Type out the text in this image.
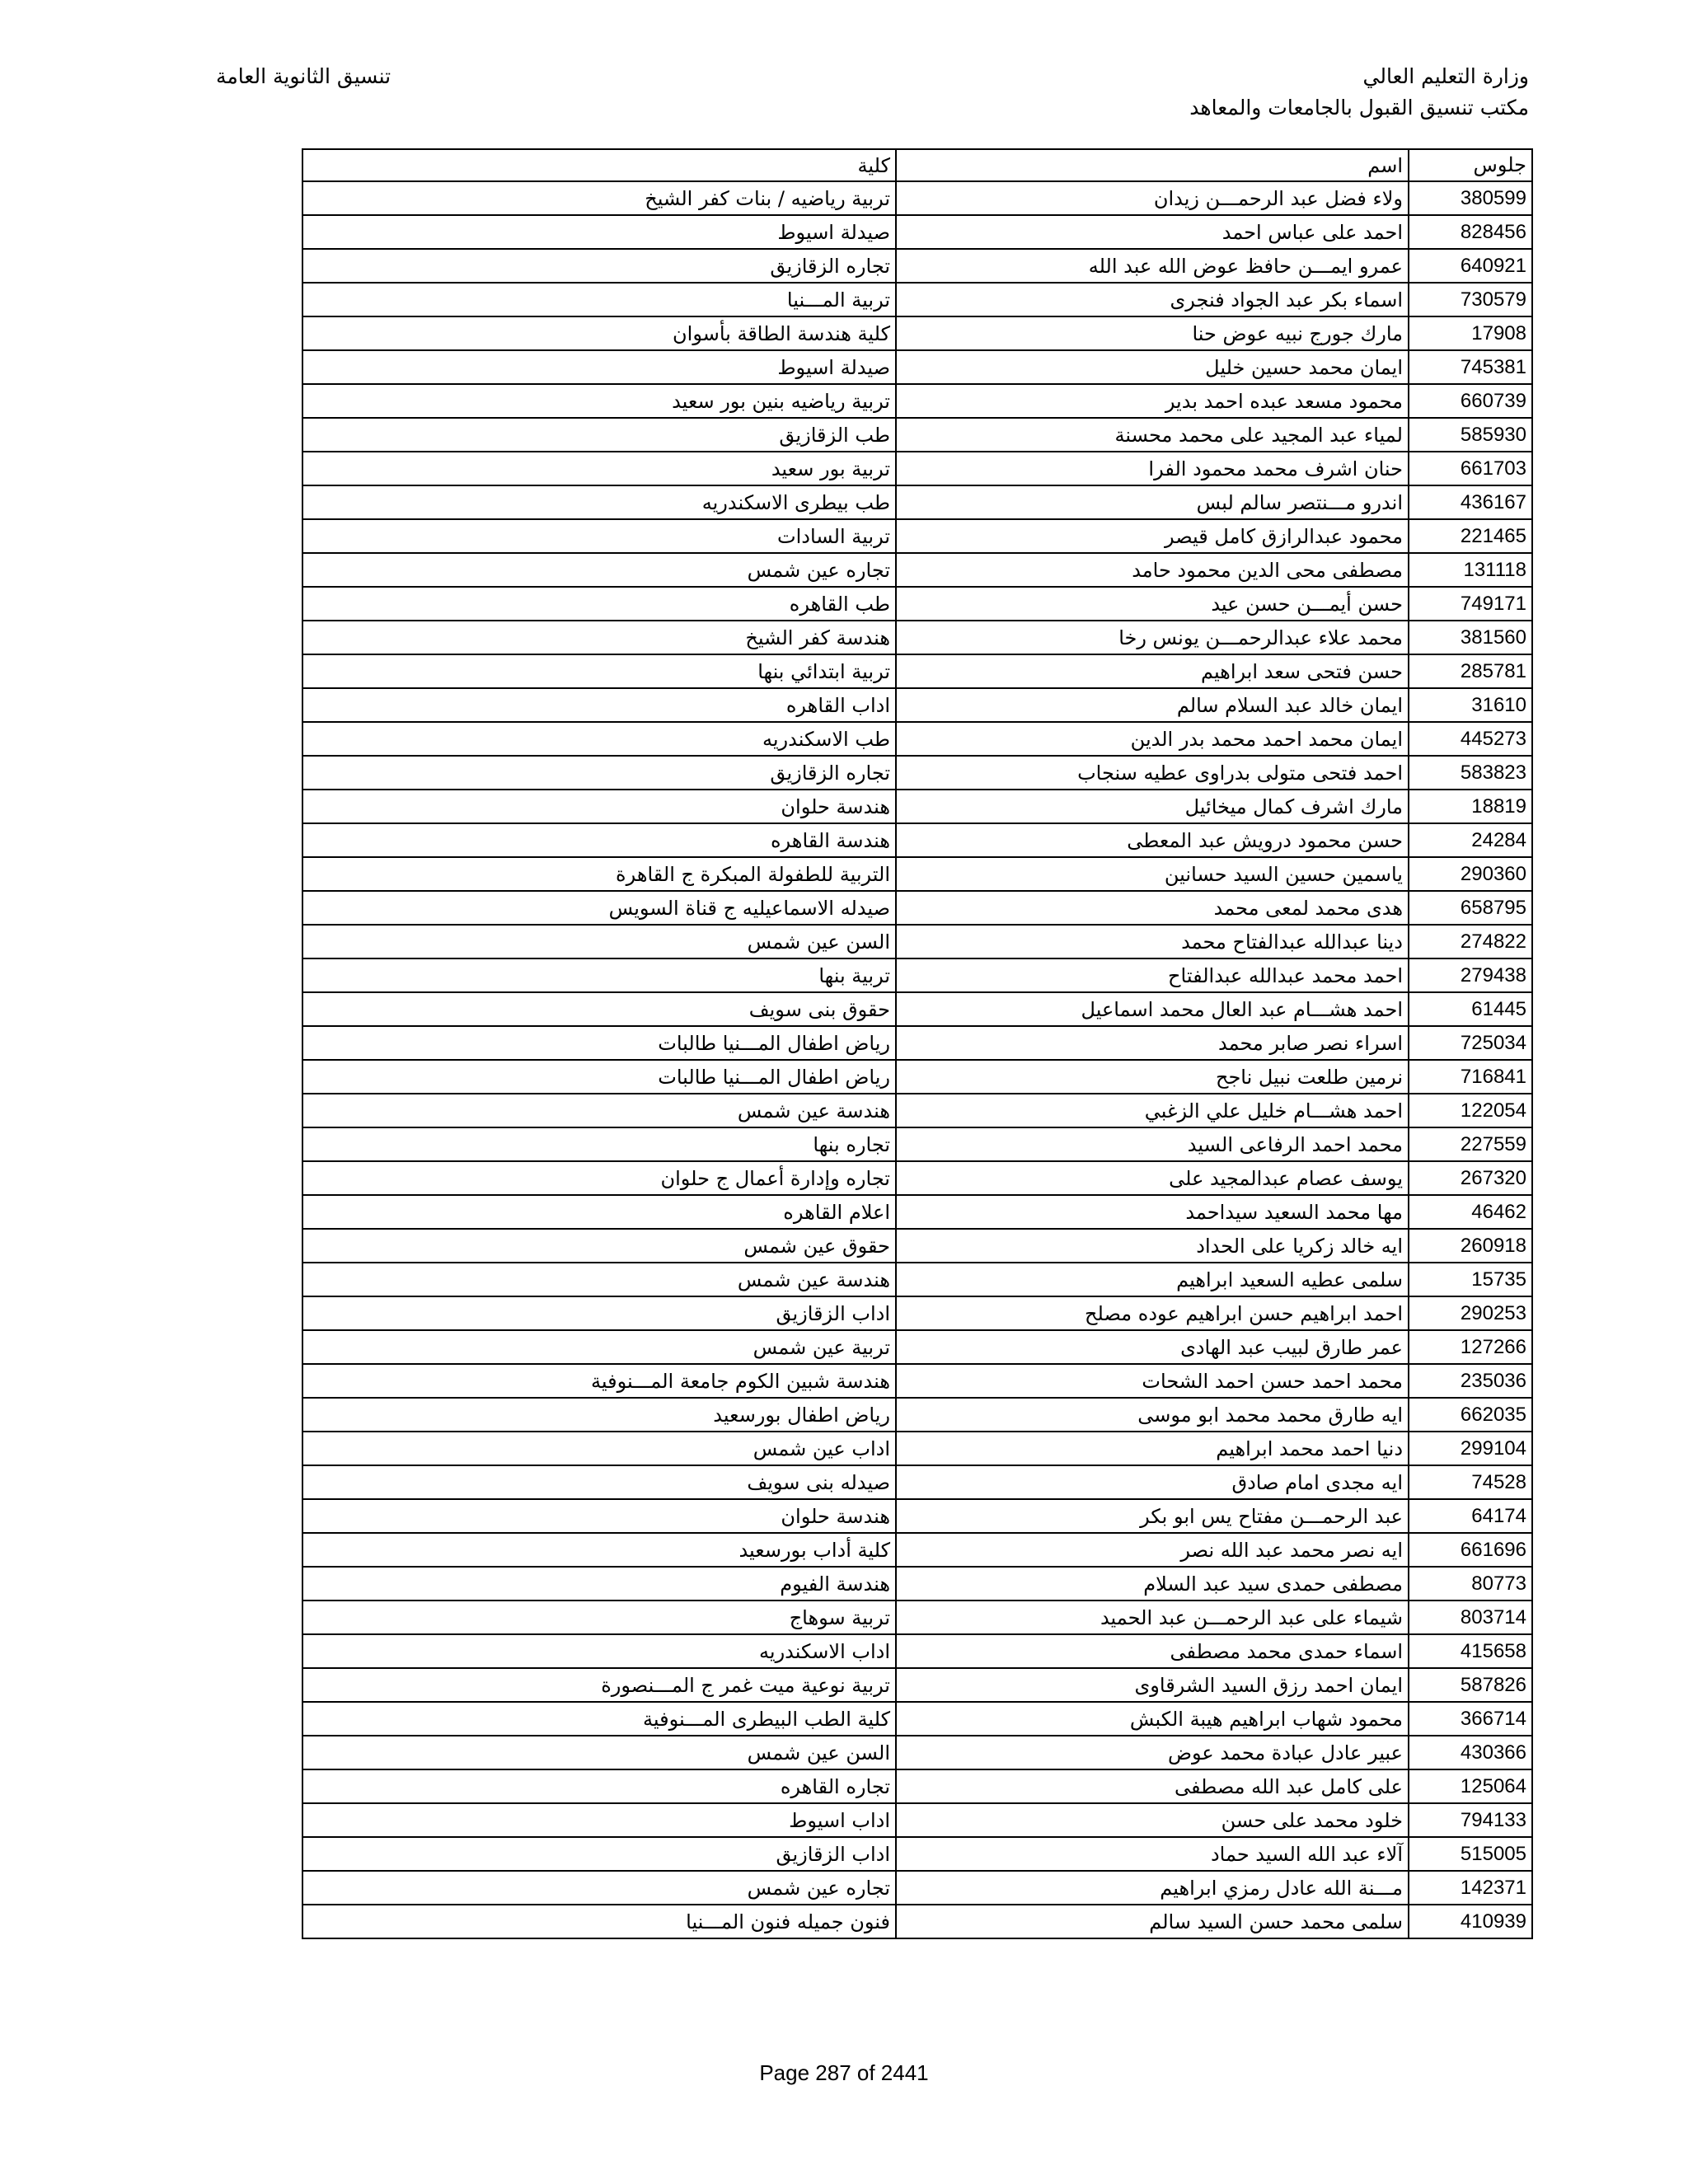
وزارة التعليم العالي
مكتب تنسيق القبول بالجامعات والمعاهد
تنسيق الثانوية العامة
جلوس	اسم	كلية
380599	ولاء فضل عبد الرحمـــن زيدان	تربية رياضيه / بنات كفر الشيخ
828456	احمد على عباس احمد	صيدلة اسيوط
640921	عمرو ايمـــن حافظ عوض الله عبد الله	تجاره الزقازيق
730579	اسماء بكر عبد الجواد فنجرى	تربية المـــنيا
17908	مارك جورج نبيه عوض حنا	كلية هندسة الطاقة بأسوان
745381	ايمان محمد حسين خليل	صيدلة اسيوط
660739	محمود مسعد عبده احمد بدير	تربية رياضيه بنين بور سعيد
585930	لمياء عبد المجيد على محمد محسنة	طب الزقازيق
661703	حنان اشرف محمد محمود الفرا	تربية بور سعيد
436167	اندرو مـــنتصر سالم لبس	طب بيطرى الاسكندريه
221465	محمود عبدالرازق كامل قيصر	تربية السادات
131118	مصطفى محى الدين محمود حامد	تجاره عين شمس
749171	حسن أيمـــن حسن عيد	طب القاهره
381560	محمد علاء عبدالرحمـــن يونس رخا	هندسة كفر الشيخ
285781	حسن فتحى سعد ابراهيم	تربية ابتدائي بنها
31610	ايمان خالد عبد السلام سالم	اداب القاهره
445273	ايمان محمد احمد محمد بدر الدين	طب الاسكندريه
583823	احمد فتحى متولى بدراوى عطيه سنجاب	تجاره الزقازيق
18819	مارك اشرف كمال ميخائيل	هندسة حلوان
24284	حسن محمود درويش عبد المعطى	هندسة القاهره
290360	ياسمين حسين السيد حسانين	التربية للطفولة المبكرة ج القاهرة
658795	هدى محمد لمعى محمد	صيدله الاسماعيليه ج قناة السويس
274822	دينا عبدالله عبدالفتاح محمد	السن عين شمس
279438	احمد محمد عبدالله عبدالفتاح	تربية بنها
61445	احمد هشـــام عبد العال محمد اسماعيل	حقوق بنى سويف
725034	اسراء نصر صابر محمد	رياض اطفال المـــنيا طالبات
716841	نرمين طلعت نبيل ناجح	رياض اطفال المـــنيا طالبات
122054	احمد هشـــام خليل علي الزغبي	هندسة عين شمس
227559	محمد احمد الرفاعى السيد	تجاره بنها
267320	يوسف عصام عبدالمجيد على	تجاره وإدارة أعمال ج حلوان
46462	مها محمد السعيد سيداحمد	اعلام القاهره
260918	ايه خالد زكريا على الحداد	حقوق عين شمس
15735	سلمى عطيه السعيد ابراهيم	هندسة عين شمس
290253	احمد ابراهيم حسن ابراهيم عوده مصلح	اداب الزقازيق
127266	عمر طارق لبيب عبد الهادى	تربية عين شمس
235036	محمد احمد حسن احمد الشحات	هندسة شبين الكوم جامعة المـــنوفية
662035	ايه طارق محمد محمد ابو موسى	رياض اطفال بورسعيد
299104	دنيا احمد محمد ابراهيم	اداب عين شمس
74528	ايه مجدى امام صادق	صيدله بنى سويف
64174	عبد الرحمـــن مفتاح يس ابو بكر	هندسة حلوان
661696	ايه نصر محمد عبد الله نصر	كلية أداب بورسعيد
80773	مصطفى حمدى سيد عبد السلام	هندسة الفيوم
803714	شيماء على عبد الرحمـــن عبد الحميد	تربية سوهاج
415658	اسماء حمدى محمد مصطفى	اداب الاسكندريه
587826	ايمان احمد رزق السيد الشرقاوى	تربية نوعية ميت غمر ج المـــنصورة
366714	محمود شهاب ابراهيم هيبة الكبش	كلية الطب البيطرى المـــنوفية
430366	عبير عادل عبادة محمد عوض	السن عين شمس
125064	على كامل عبد الله مصطفى	تجاره القاهره
794133	خلود محمد على حسن	اداب اسيوط
515005	آلاء عبد الله السيد حماد	اداب الزقازيق
142371	مـــنة الله عادل رمزي ابراهيم	تجاره عين شمس
410939	سلمى محمد حسن السيد سالم	فنون جميله فنون المـــنيا
Page 287 of 2441
